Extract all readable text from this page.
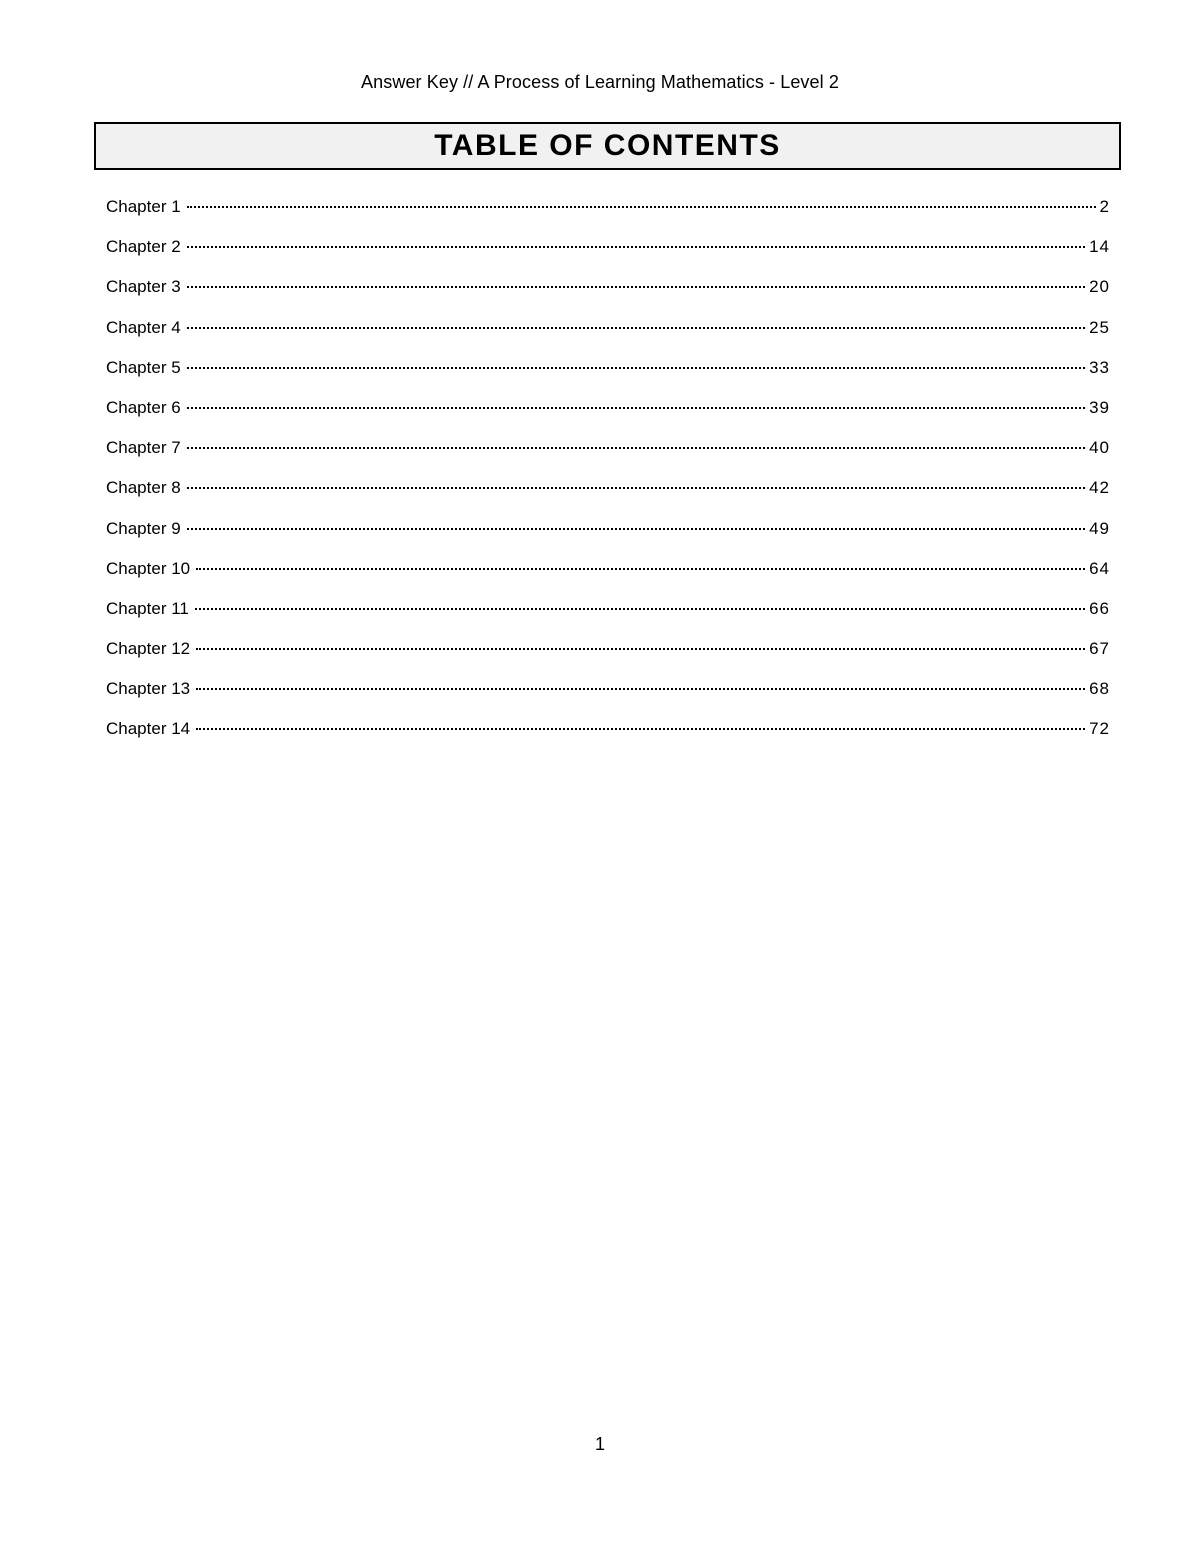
Answer Key // A Process of Learning Mathematics - Level 2
TABLE OF CONTENTS
Chapter 1	2
Chapter 2	14
Chapter 3	20
Chapter 4	25
Chapter 5	33
Chapter 6	39
Chapter 7	40
Chapter 8	42
Chapter 9	49
Chapter 10	64
Chapter 11	66
Chapter 12	67
Chapter 13	68
Chapter 14	72
1
